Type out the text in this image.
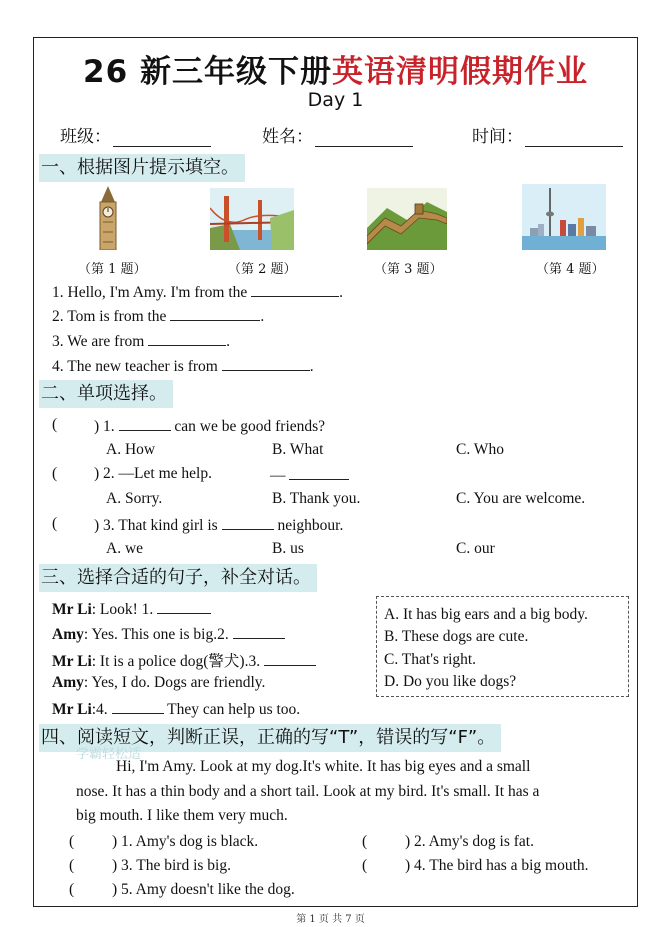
26 新三年级下册英语清明假期作业
Day 1
班级：	姓名：	时间：
一、根据图片提示填空。
（第 1 题）	（第 2 题）	（第 3 题）	（第 4 题）
1. Hello, I'm Amy. I'm from the	.
2. Tom is from the	.
3. We are from	.
4. The new teacher is from	.
二、单项选择。
( ) 1.	can we be good friends?
A. How	B. What	C. Who
( ) 2. —Let me help.	—
A. Sorry.	B. Thank you.	C. You are welcome.
( ) 3. That kind girl is	neighbour.
A. we	B. us	C. our
三、选择合适的句子，补全对话。
Mr Li: Look! 1.
Amy: Yes. This one is big.2.
Mr Li: It is a police dog(警犬).3.
Amy: Yes, I do. Dogs are friendly.
Mr Li:4.	They can help us too.
A. It has big ears and a big body.
B. These dogs are cute.
C. That's right.
D. Do you like dogs?
四、阅读短文，判断正误，正确的写“T”，错误的写“F”。
学霸轻松适
Hi, I'm Amy. Look at my dog.It's white. It has big eyes and a small
nose. It has a thin body and a short tail. Look at my bird. It's small. It has a
big mouth. I like them very much.
( ) 1. Amy's dog is black.	( ) 2. Amy's dog is fat.
( ) 3. The bird is big.	( ) 4. The bird has a big mouth.
( ) 5. Amy doesn't like the dog.
第 1 页 共 7 页
